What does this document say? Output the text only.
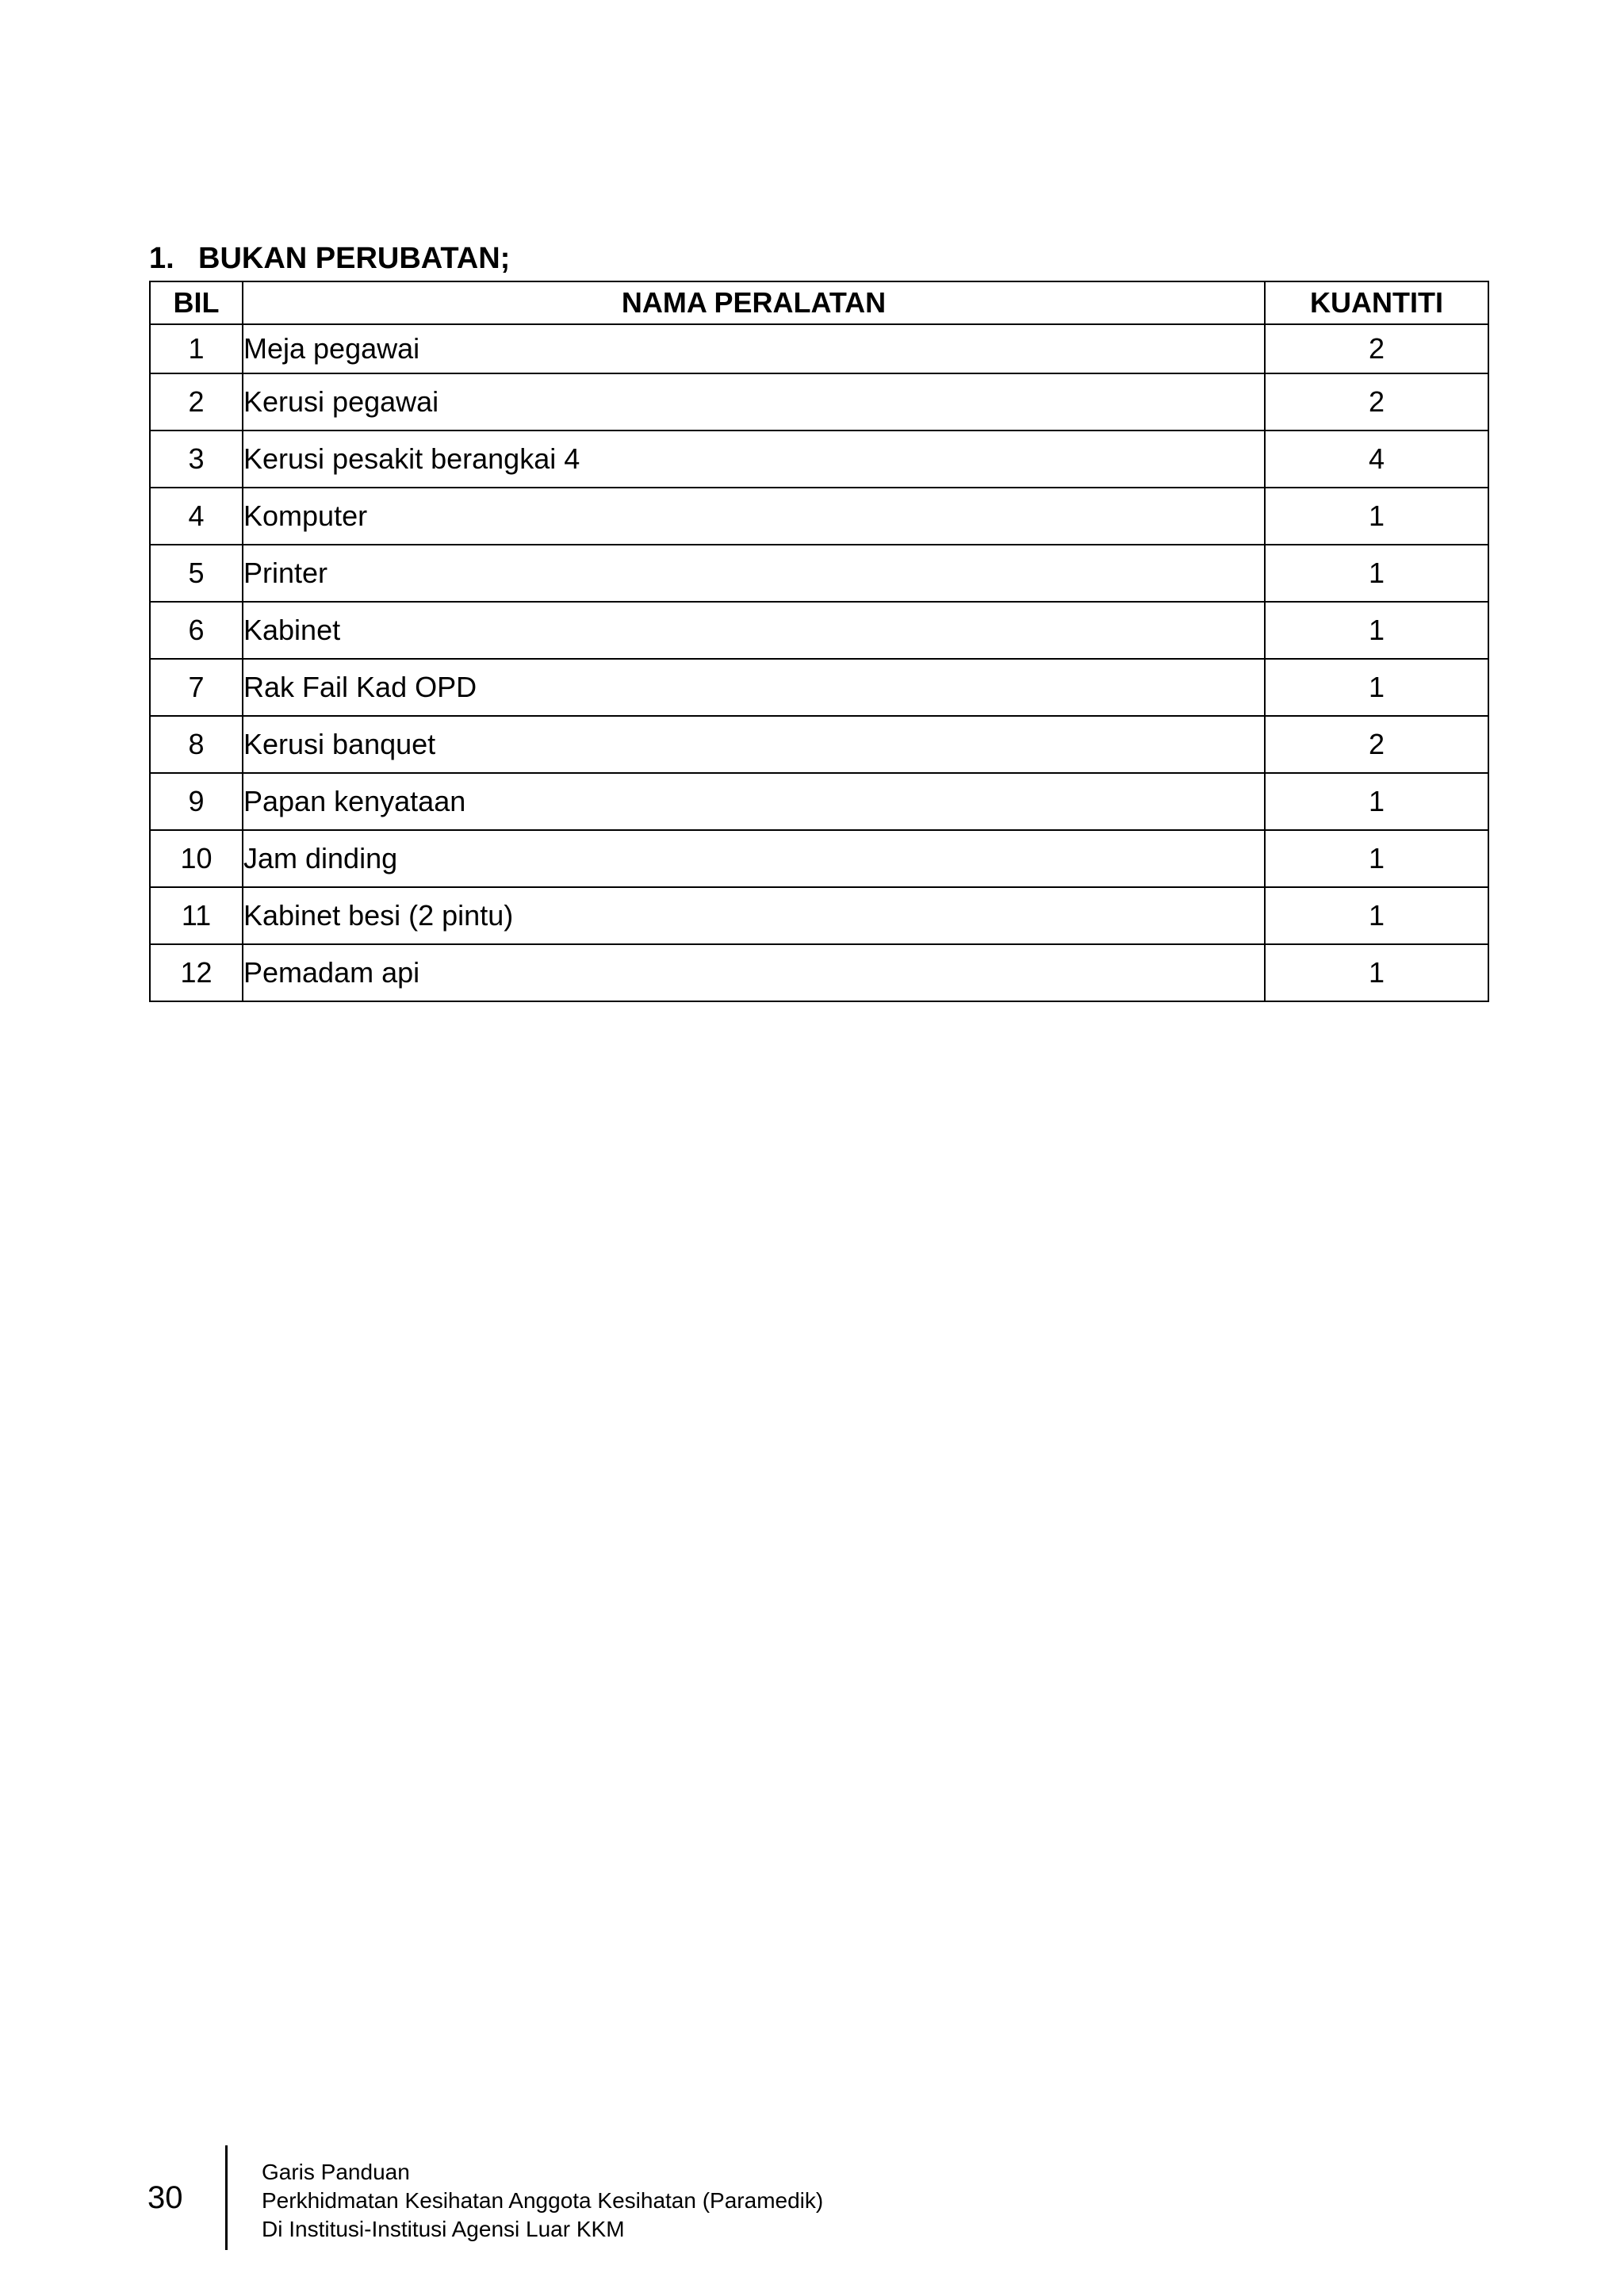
1. BUKAN PERUBATAN;
BIL	NAMA PERALATAN	KUANTITI
1	Meja pegawai	2
2	Kerusi pegawai	2
3	Kerusi pesakit berangkai 4	4
4	Komputer	1
5	Printer	1
6	Kabinet	1
7	Rak Fail Kad OPD	1
8	Kerusi banquet	2
9	Papan kenyataan	1
10	Jam dinding	1
11	Kabinet besi (2 pintu)	1
12	Pemadam api	1
30
Garis Panduan
Perkhidmatan Kesihatan Anggota Kesihatan (Paramedik)
Di Institusi-Institusi Agensi Luar KKM
